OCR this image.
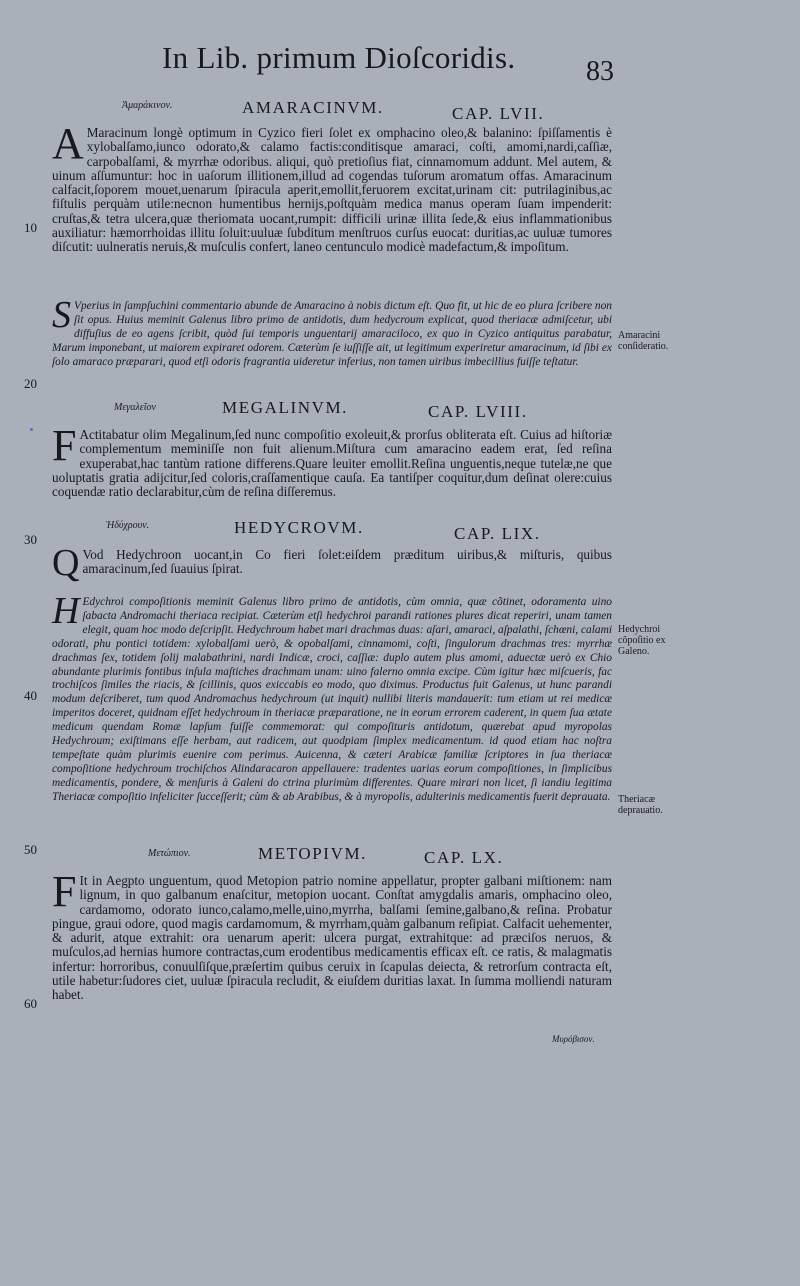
In Lib. primum Dioſcoridis.	83
Ἀμαράκινον.	AMARACINVM.	CAP. LVII.
A Maracinum longè optimum in Cyzico fieri ſolet ex omphacino oleo,& balanino: ſpiſſamentis è xylobalſamo,iunco odorato,& calamo factis:conditisque amaraci, coſti, amomi,nardi,caſſiæ, carpobalſami, & myrrhæ odoribus. aliqui, quò pretioſius fiat, cinnamomum addunt. Mel autem, & uinum aſſumuntur: hoc in uaſorum illitionem,illud ad cogendas tuſorum aromatum offas. Amaracinum calfacit,ſoporem mouet,uenarum ſpiracula aperit,emollit,feruorem excitat,urinam cit: putrilaginibus,ac fiſtulis perquàm utile:necnon humentibus hernijs,poſtquàm medica manus operam ſuam impenderit: cruſtas,& tetra ulcera,quæ theriomata uocant,rumpit: difficili urinæ illita ſede,& eius inflammationibus auxiliatur: hæmorrhoidas illitu ſoluit:uuluæ ſubditum menſtruos curſus euocat: duritias,ac uuluæ tumores diſcutit: uulneratis neruis,& muſculis confert, laneo centunculo modicè madefactum,& impoſitum.
S Vperius in ſampſuchini commentario abunde de Amaracino à nobis dictum eſt. Quo fit, ut hic de eo plura ſcribere non ſit opus. Huius meminit Galenus libro primo de antidotis, dum hedycroum explicat, quod theriacæ admiſcetur, ubi diffuſius de eo agens ſcribit, quòd ſui temporis unguentarij amaraciloco, ex quo in Cyzico antiquitus parabatur, Marum imponebant, ut maiorem expiraret odorem. Cæterùm ſe iuſſiſſe ait, ut legitimum experiretur amaracinum, id ſibi ex ſolo amaraco præparari, quod etſi odoris fragrantia uideretur inferius, non tamen uiribus imbecillius fuiſſe teſtatur.
Amaracini conſideratio.
Μεγαλεῖον	MEGALINVM.	CAP. LVIII.
F Actitabatur olim Megalinum,ſed nunc compoſitio exoleuit,& prorſus obliterata eſt. Cuius ad hiſtoriæ complementum meminiſſe non fuit alienum.Miſtura cum amaracino eadem erat, ſed reſina exuperabat,hac tantùm ratione differens.Quare leuiter emollit.Reſina unguentis,neque tutelæ,ne que uoluptatis gratia adijcitur,ſed coloris,craſſamentique cauſa. Ea tantiſper coquitur,dum deſinat olere:cuius coquendæ ratio declarabitur,cùm de reſina diſſeremus.
Ἡδύχρουν.	HEDYCROVM.	CAP. LIX.
Q Vod Hedychroon uocant,in Co fieri ſolet:eiſdem præditum uiribus,& miſturis, quibus amaracinum,ſed ſuauius ſpirat.
H Edychroi compoſitionis meminit Galenus libro primo de antidotis, cùm omnia, quæ cõtinet, odoramenta uino ſabacta Andromachi theriaca recipiat. Cæterùm etſi hedychroi parandi rationes plures dicat reperiri, unam tamen elegit, quam hoc modo deſcripſit. Hedychroum habet mari drachmas duas: aſari, amaraci, aſpalathi, ſchœni, calami odorati, phu pontici totidem: xylobalſami uerò, & opobalſami, cinnamomi, coſti, ſingulorum drachmas tres: myrrhæ drachmas ſex, totidem ſolij malabathrini, nardi Indicæ, croci, caſſiæ: duplo autem plus amomi, aduectæ uerò ex Chio abundante plurimis fontibus inſula maſtiches drachmam unam: uino falerno omnia excipe. Cùm igitur hæc miſcueris, fac trochiſcos ſimiles the riacis, & ſcillinis, quos exiccabis eo modo, quo diximus. Productus fuit Galenus, ut hunc parandi modum deſcriberet, tum quod Andromachus hedychroum (ut inquit) nullibi literis mandauerit: tum etiam ut rei medicæ imperitos doceret, quidnam eſſet hedychroum in theriacæ præparatione, ne in eorum errorem caderent, in quem ſua ætate medicum quendam Romæ lapſum fuiſſe commemorat: qui compoſituris antidotum, quærebat apud myropolas Hedychroum; exiſtimans eſſe herbam, aut radicem, aut quodpiam ſimplex medicamentum. id quod etiam hac noſtra tempeſtate quàm plurimis euenire com perimus. Auicenna, & cæteri Arabicæ familiæ ſcriptores in ſua theriacæ compoſitione hedychroum trochiſchos Alindaracaron appellauere: tradentes uarias eorum compoſitiones, in ſimplicibus medicamentis, pondere, & menſuris à Galeni do ctrina plurimùm differentes. Quare mirari non licet, ſi iandiu legitima Theriacæ compoſitio infeliciter ſucceſſerit; cùm & ab Arabibus, & à myropolis, adulterinis medicamentis fuerit deprauata.
Hedychroi cõpoſitio ex Galeno.
Theriacæ deprauatio.
Μετώπιον.	METOPIVM.	CAP. LX.
F It in Aegpto unguentum, quod Metopion patrio nomine appellatur, propter galbani miſtionem: nam lignum, in quo galbanum enaſcitur, metopion uocant. Conſtat amygdalis amaris, omphacino oleo, cardamomo, odorato iunco,calamo,melle,uino,myrrha, balſami ſemine,galbano,& reſina. Probatur pingue, graui odore, quod magis cardamomum, & myrrham,quàm galbanum reſipiat. Calfacit uehementer, & adurit, atque extrahit: ora uenarum aperit: ulcera purgat, extrahitque: ad præciſos neruos, & muſculos,ad hernias humore contractas,cum erodentibus medicamentis efficax eſt. ce ratis, & malagmatis infertur: horroribus, conuulſiſque,præſertim quibus ceruix in ſcapulas deiecta, & retrorſum contracta eſt, utile habetur:ſudores ciet, uuluæ ſpiracula recludit, & eiuſdem duritias laxat. In ſumma molliendi naturam habet.
10
20
30
40
50
60
Μυρόβισον.
